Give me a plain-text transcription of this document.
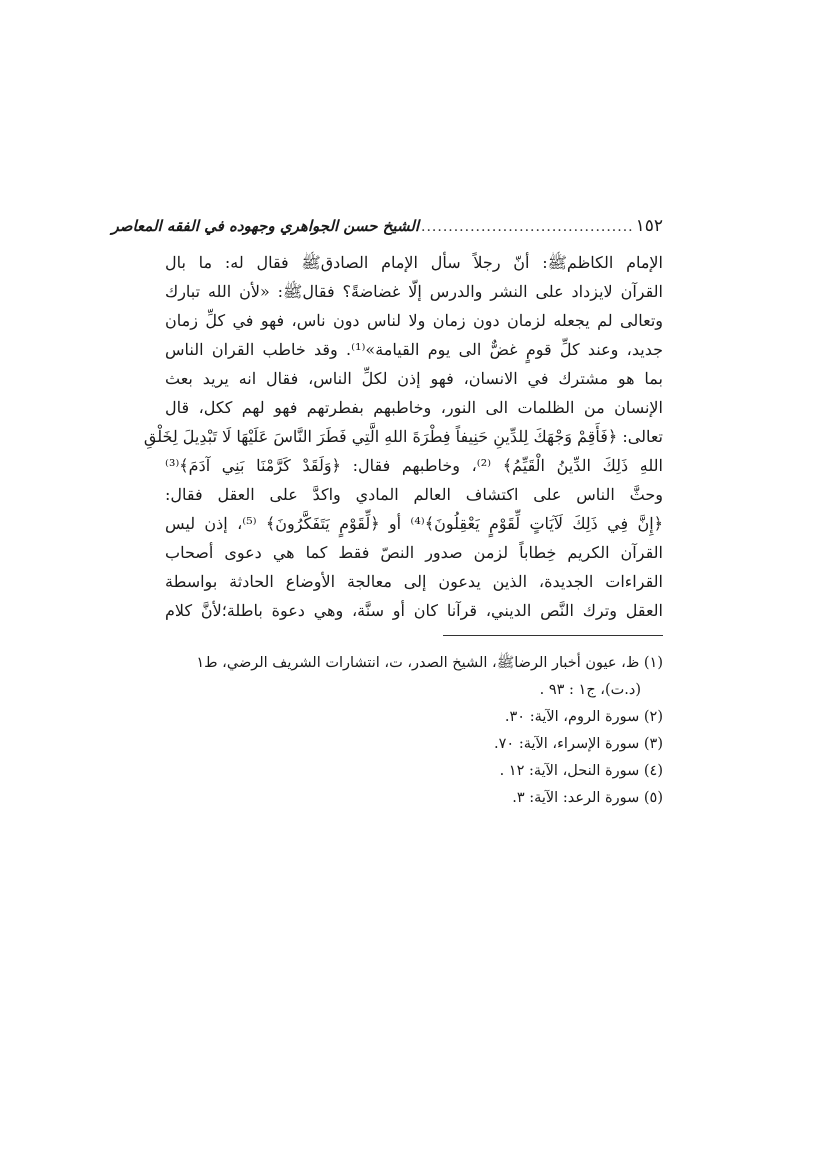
١٥٢
.......................................
الشيخ حسن الجواهري وجهوده في الفقه المعاصر
الإمام الكاظمﷺ: أنّ رجلاً سأل الإمام الصادقﷺ فقال له: ما بال
القرآن لايزداد على النشر والدرس إلّا غضاضةً؟ فقالﷺ: «لأن الله تبارك
وتعالى لم يجعله لزمان دون زمان ولا لناس دون ناس، فهو في كلِّ زمان
جديد، وعند كلِّ قومٍ غضٌّ الى يوم القيامة»⁽¹⁾. وقد خاطب القران الناس
بما هو مشترك في الانسان، فهو إذن لكلِّ الناس، فقال انه يريد بعث
الإنسان من الظلمات الى النور، وخاطبهم بفطرتهم فهو لهم ككل، قال
تعالى: ﴿فَأَقِمْ وَجْهَكَ لِلدِّينِ حَنِيفاً فِطْرَةَ اللهِ الَّتِي فَطَرَ النَّاسَ عَلَيْهَا لَا تَبْدِيلَ لِخَلْقِ
اللهِ ذَلِكَ الدِّينُ الْقَيِّمُ﴾ ⁽²⁾، وخاطبهم فقال: ﴿وَلَقَدْ كَرَّمْنَا بَنِي آدَمَ﴾⁽³⁾
وحثَّ الناس على اكتشاف العالم المادي واكدَّ على العقل فقال:
﴿إِنَّ فِي ذَلِكَ لَآيَاتٍ لِّقَوْمٍ يَعْقِلُونَ﴾⁽⁴⁾ أو ﴿لِّقَوْمٍ يَتَفَكَّرُونَ﴾ ⁽⁵⁾، إذن ليس
القرآن الكريم خِطاباً لزمن صدور النصّ فقط كما هي دعوى أصحاب
القراءات الجديدة، الذين يدعون إلى معالجة الأوضاع الحادثة بواسطة
العقل وترك النَّص الديني، قرآنا كان أو سنَّة، وهي دعوة باطلة؛لأنَّ كلام
(١) ظ، عيون أخبار الرضاﷺ، الشيخ الصدر، ت، انتشارات الشريف الرضي، ط١
(د.ت)، ج١ : ٩٣ .
(٢) سورة الروم، الآية: ٣٠.
(٣) سورة الإسراء، الآية: ٧٠.
(٤) سورة النحل، الآية: ١٢ .
(٥) سورة الرعد: الآية: ٣.
